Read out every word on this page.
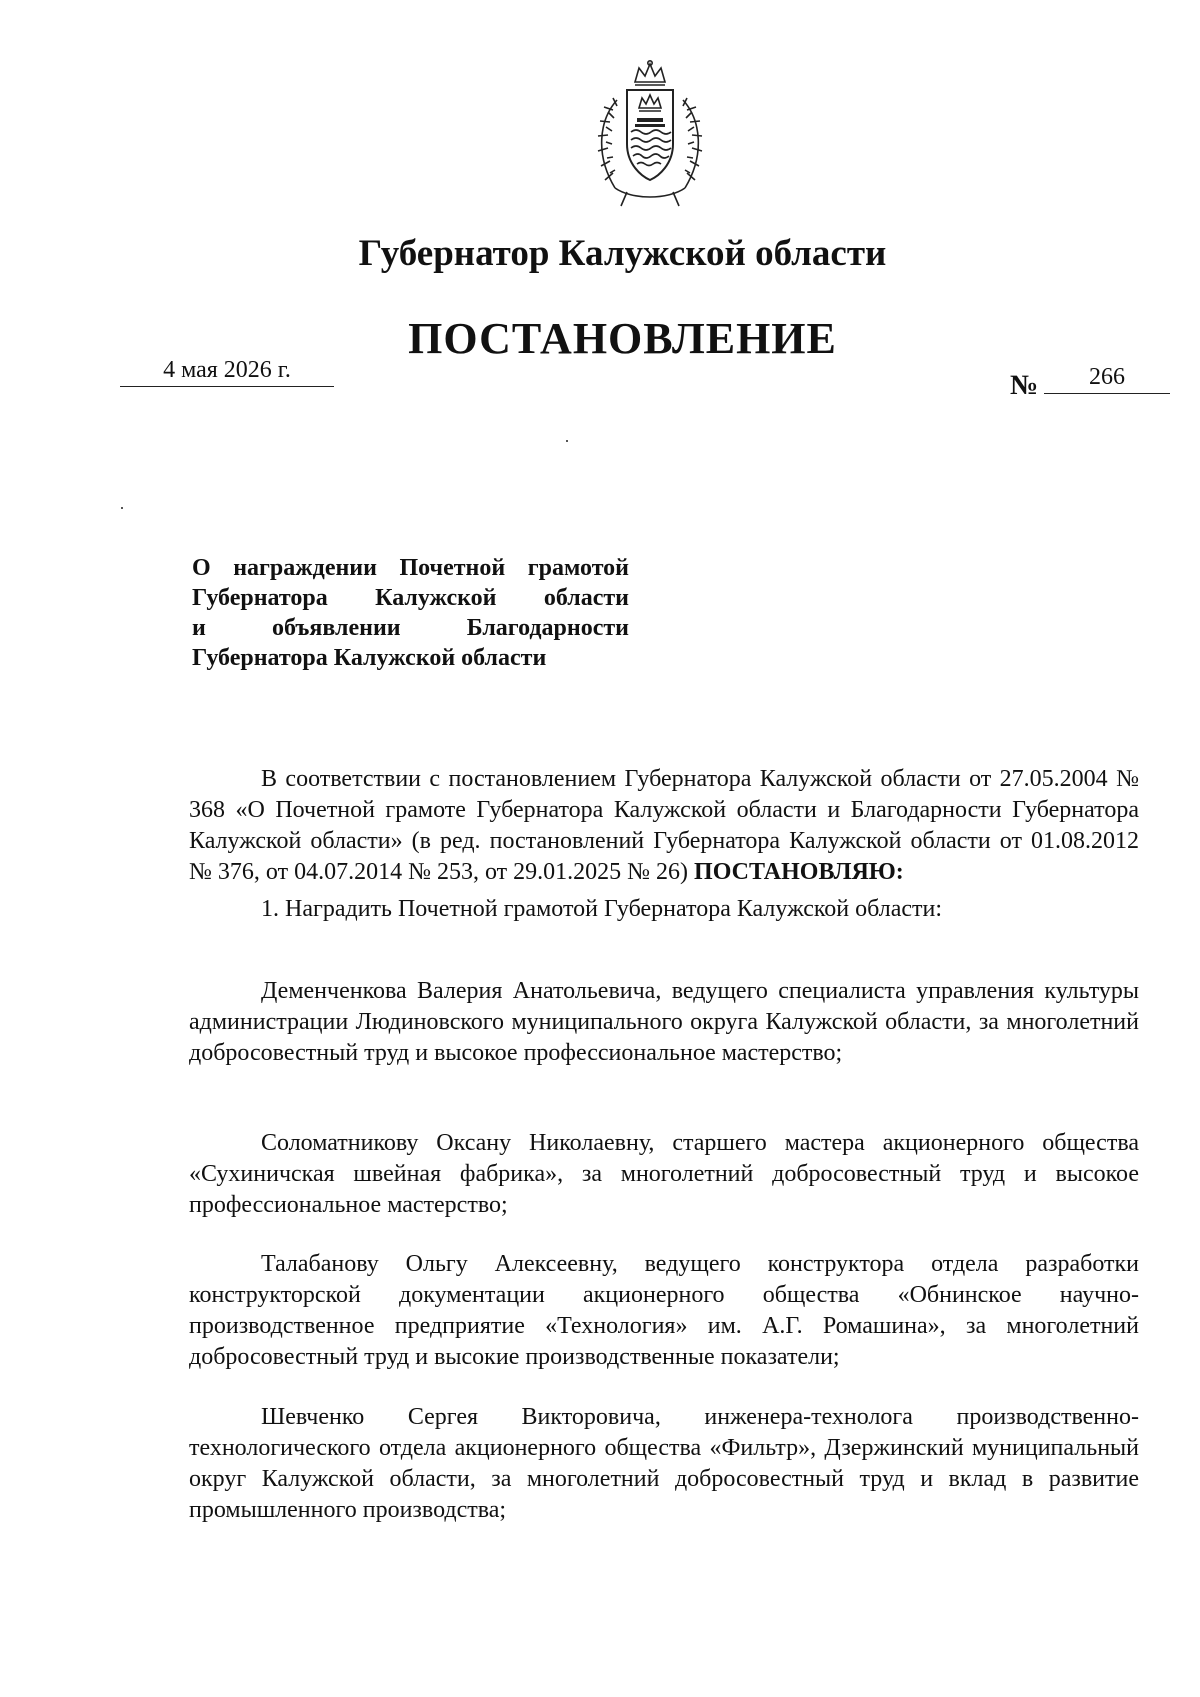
Губернатор Калужской области
ПОСТАНОВЛЕНИЕ
4 мая 2026 г.	№	266
О награждении Почетной грамотой
Губернатора Калужской области
и объявлении Благодарности
Губернатора Калужской области

В соответствии с постановлением Губернатора Калужской области от 27.05.2004 № 368 «О Почетной грамоте Губернатора Калужской области и Благодарности Губернатора Калужской области» (в ред. постановлений Губернатора Калужской области от 01.08.2012 № 376, от 04.07.2014 № 253, от 29.01.2025 № 26) ПОСТАНОВЛЯЮ:

1. Наградить Почетной грамотой Губернатора Калужской области:

Деменченкова Валерия Анатольевича, ведущего специалиста управления культуры администрации Людиновского муниципального округа Калужской области, за многолетний добросовестный труд и высокое профессиональное мастерство;

Соломатникову Оксану Николаевну, старшего мастера акционерного общества «Сухиничская швейная фабрика», за многолетний добросовестный труд и высокое профессиональное мастерство;

Талабанову Ольгу Алексеевну, ведущего конструктора отдела разработки конструкторской документации акционерного общества «Обнинское научно-производственное предприятие «Технология» им. А.Г. Ромашина», за многолетний добросовестный труд и высокие производственные показатели;

Шевченко Сергея Викторовича, инженера-технолога производственно-технологического отдела акционерного общества «Фильтр», Дзержинский муниципальный округ Калужской области, за многолетний добросовестный труд и вклад в развитие промышленного производства;
